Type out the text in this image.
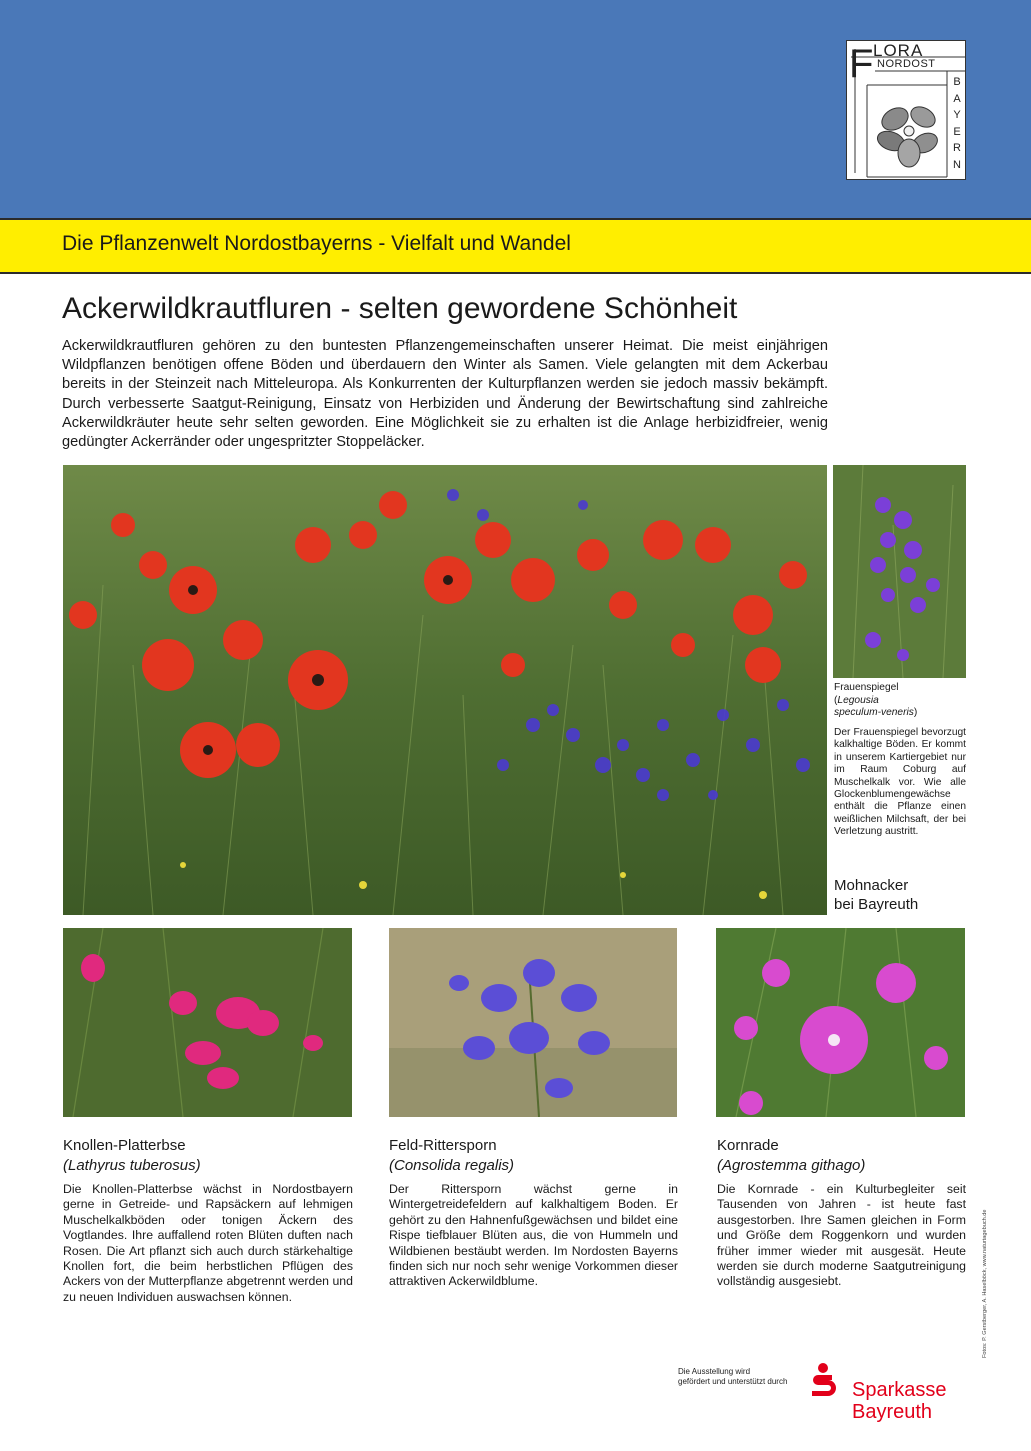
F LORA
NORDOST
B
A
Y
E
R
N
Die Pflanzenwelt Nordostbayerns - Vielfalt und Wandel
Ackerwildkrautfluren - selten gewordene Schönheit
Ackerwildkrautfluren gehören zu den buntesten Pflanzengemeinschaften unserer Heimat. Die meist einjährigen Wildpflanzen benötigen offene Böden und überdauern den Winter als Samen. Viele gelangten mit dem Ackerbau bereits in der Steinzeit nach Mitteleuropa. Als Konkurrenten der Kulturpflanzen werden sie jedoch massiv bekämpft. Durch verbesserte Saatgut-Reinigung, Einsatz von Herbiziden und Änderung der Bewirtschaftung sind zahlreiche Ackerwildkräuter heute sehr selten geworden. Eine Möglichkeit sie zu erhalten ist die Anlage herbizidfreier, wenig gedüngter Ackerränder oder ungespritzter Stoppeläcker.
Frauenspiegel
(Legousia
speculum-veneris)
Der Frauenspiegel bevorzugt kalkhaltige Böden. Er kommt in unserem Kartiergebiet nur im Raum Coburg auf Muschelkalk vor. Wie alle Glockenblumengewächse enthält die Pflanze einen weißlichen Milchsaft, der bei Verletzung austritt.
Mohnacker
bei Bayreuth
Knollen-Platterbse
(Lathyrus tuberosus)
Die Knollen-Platterbse wächst in Nordostbayern gerne in Getreide- und Rapsäckern auf lehmigen Muschelkalkböden oder tonigen Äckern des Vogtlandes. Ihre auffallend roten Blüten duften nach Rosen. Die Art pflanzt sich auch durch stärkehaltige Knollen fort, die beim herbstlichen Pflügen des Ackers von der Mutterpflanze abgetrennt werden und zu neuen Individuen auswachsen können.
Feld-Rittersporn
(Consolida regalis)
Der Rittersporn wächst gerne in Wintergetreidefeldern auf kalkhaltigem Boden. Er gehört zu den Hahnenfußgewächsen und bildet eine Rispe tiefblauer Blüten aus, die von Hummeln und Wildbienen bestäubt werden. Im Nordosten Bayerns finden sich nur noch sehr wenige Vorkommen dieser attraktiven Ackerwildblume.
Kornrade
(Agrostemma githago)
Die Kornrade - ein Kulturbegleiter seit Tausenden von Jahren - ist heute fast ausgestorben. Ihre Samen gleichen in Form und Größe dem Roggenkorn und wurden früher immer wieder mit ausgesät. Heute werden sie durch moderne Saatgutreinigung vollständig ausgesiebt.	Fotos: P. Gerstberger, A. Haselböck, www.naturtagebuch.de
Die Ausstellung wird
gefördert und unterstützt durch	Sparkasse
Bayreuth
